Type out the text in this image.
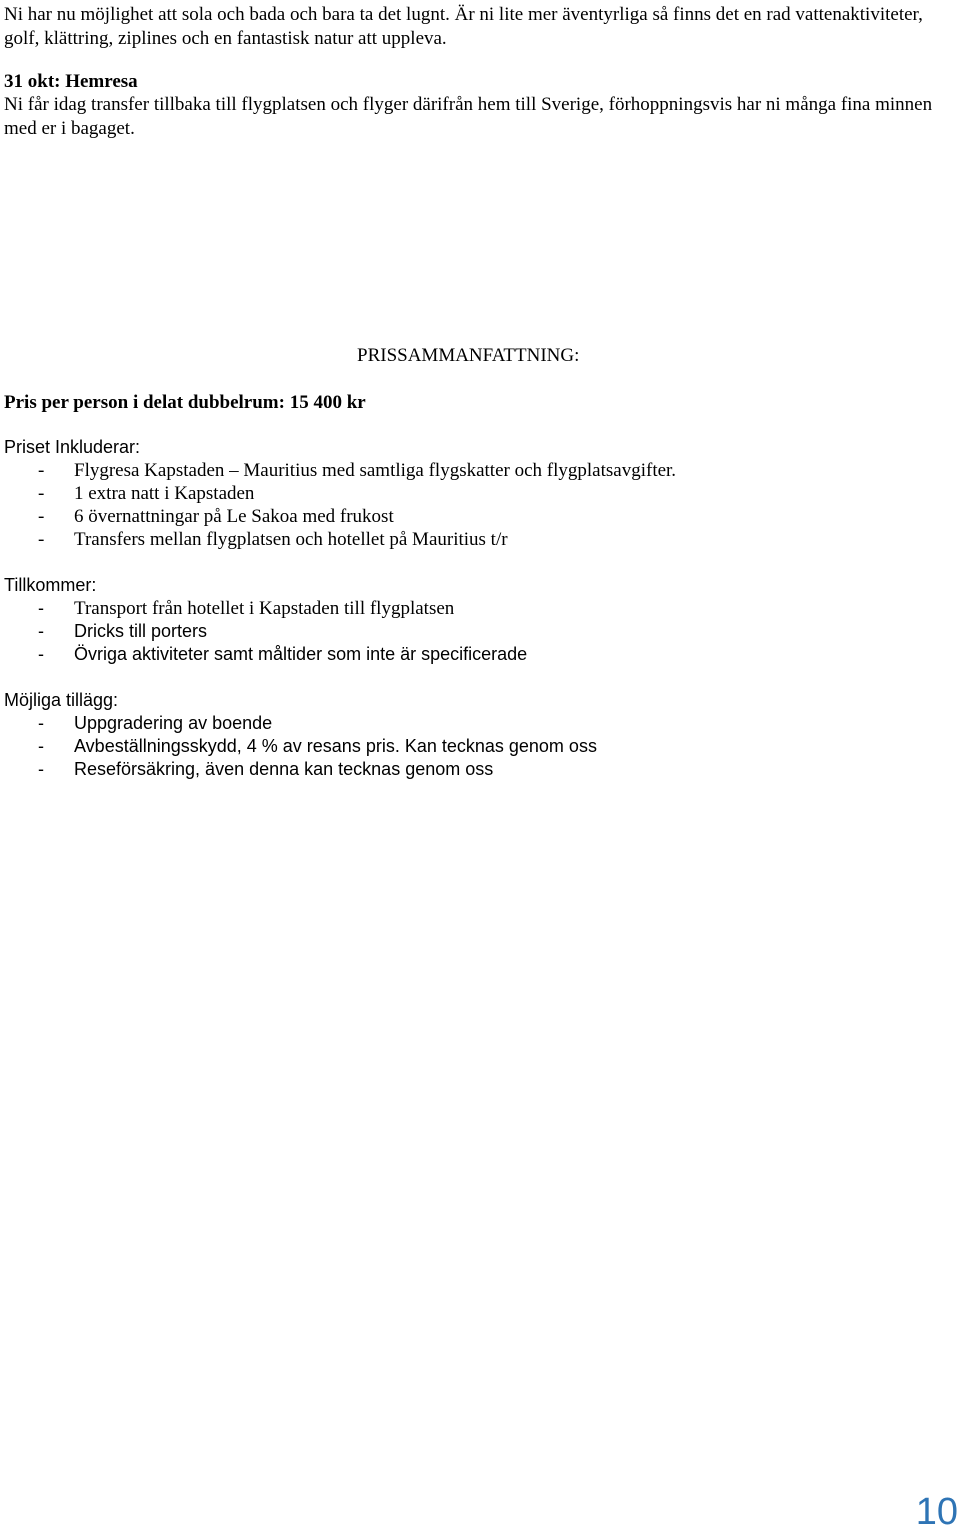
Ni har nu möjlighet att sola och bada och bara ta det lugnt. Är ni lite mer äventyrliga så finns det en rad vattenaktiviteter, golf, klättring, ziplines och en fantastisk natur att uppleva.

31 okt: Hemresa

Ni får idag transfer tillbaka till flygplatsen och flyger därifrån hem till Sverige, förhoppningsvis har ni många fina minnen med er i bagaget.

PRISSAMMANFATTNING:
Pris per person i delat dubbelrum: 15 400 kr
Priset Inkluderar:
- Flygresa Kapstaden – Mauritius med samtliga flygskatter och flygplatsavgifter.
- 1 extra natt i Kapstaden
- 6 övernattningar på Le Sakoa med frukost
- Transfers mellan flygplatsen och hotellet på Mauritius t/r
Tillkommer:
- Transport från hotellet i Kapstaden till flygplatsen
- Dricks till porters
- Övriga aktiviteter samt måltider som inte är specificerade
Möjliga tillägg:
- Uppgradering av boende
- Avbeställningsskydd, 4 % av resans pris. Kan tecknas genom oss
- Reseförsäkring, även denna kan tecknas genom oss
10
